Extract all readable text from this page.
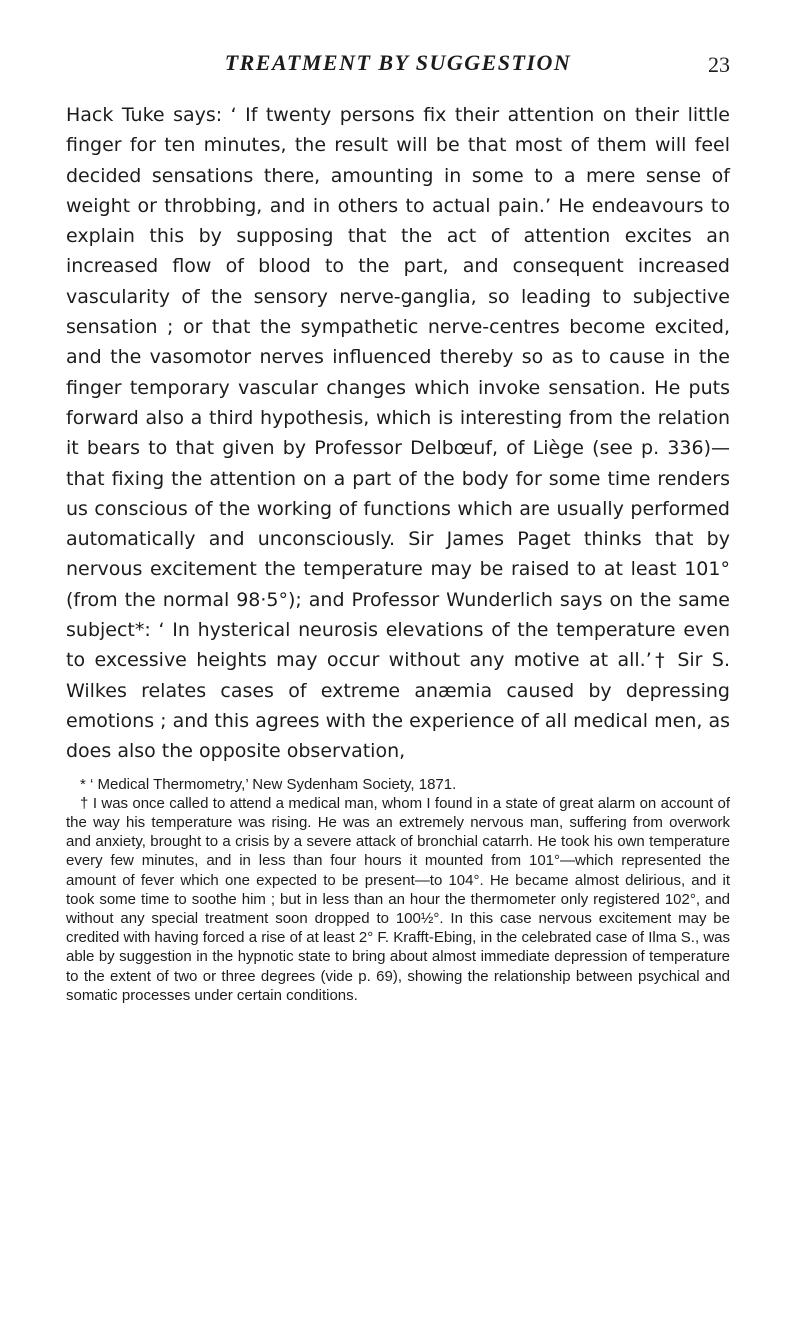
TREATMENT BY SUGGESTION	23

Hack Tuke says: ‘ If twenty persons fix their attention on their little finger for ten minutes, the result will be that most of them will feel decided sensations there, amounting in some to a mere sense of weight or throbbing, and in others to actual pain.’ He endeavours to explain this by supposing that the act of attention excites an increased flow of blood to the part, and consequent increased vascularity of the sensory nerve-ganglia, so leading to subjective sensation ; or that the sympathetic nerve-centres become excited, and the vasomotor nerves influenced thereby so as to cause in the finger temporary vascular changes which invoke sensation. He puts forward also a third hypothesis, which is interesting from the relation it bears to that given by Professor Delbœuf, of Liège (see p. 336)—that fixing the attention on a part of the body for some time renders us conscious of the working of functions which are usually performed automatically and unconsciously. Sir James Paget thinks that by nervous excitement the temperature may be raised to at least 101° (from the normal 98·5°); and Professor Wunderlich says on the same subject*: ‘ In hysterical neurosis elevations of the temperature even to excessive heights may occur without any motive at all.’† Sir S. Wilkes relates cases of extreme anæmia caused by depressing emotions ; and this agrees with the experience of all medical men, as does also the opposite observation,

* ‘ Medical Thermometry,’ New Sydenham Society, 1871.

† I was once called to attend a medical man, whom I found in a state of great alarm on account of the way his temperature was rising. He was an extremely nervous man, suffering from overwork and anxiety, brought to a crisis by a severe attack of bronchial catarrh. He took his own temperature every few minutes, and in less than four hours it mounted from 101°—which represented the amount of fever which one expected to be present—to 104°. He became almost delirious, and it took some time to soothe him ; but in less than an hour the thermometer only registered 102°, and without any special treatment soon dropped to 100½°. In this case nervous excitement may be credited with having forced a rise of at least 2° F. Krafft-Ebing, in the celebrated case of Ilma S., was able by suggestion in the hypnotic state to bring about almost immediate depression of temperature to the extent of two or three degrees (vide p. 69), showing the relationship between psychical and somatic processes under certain conditions.
